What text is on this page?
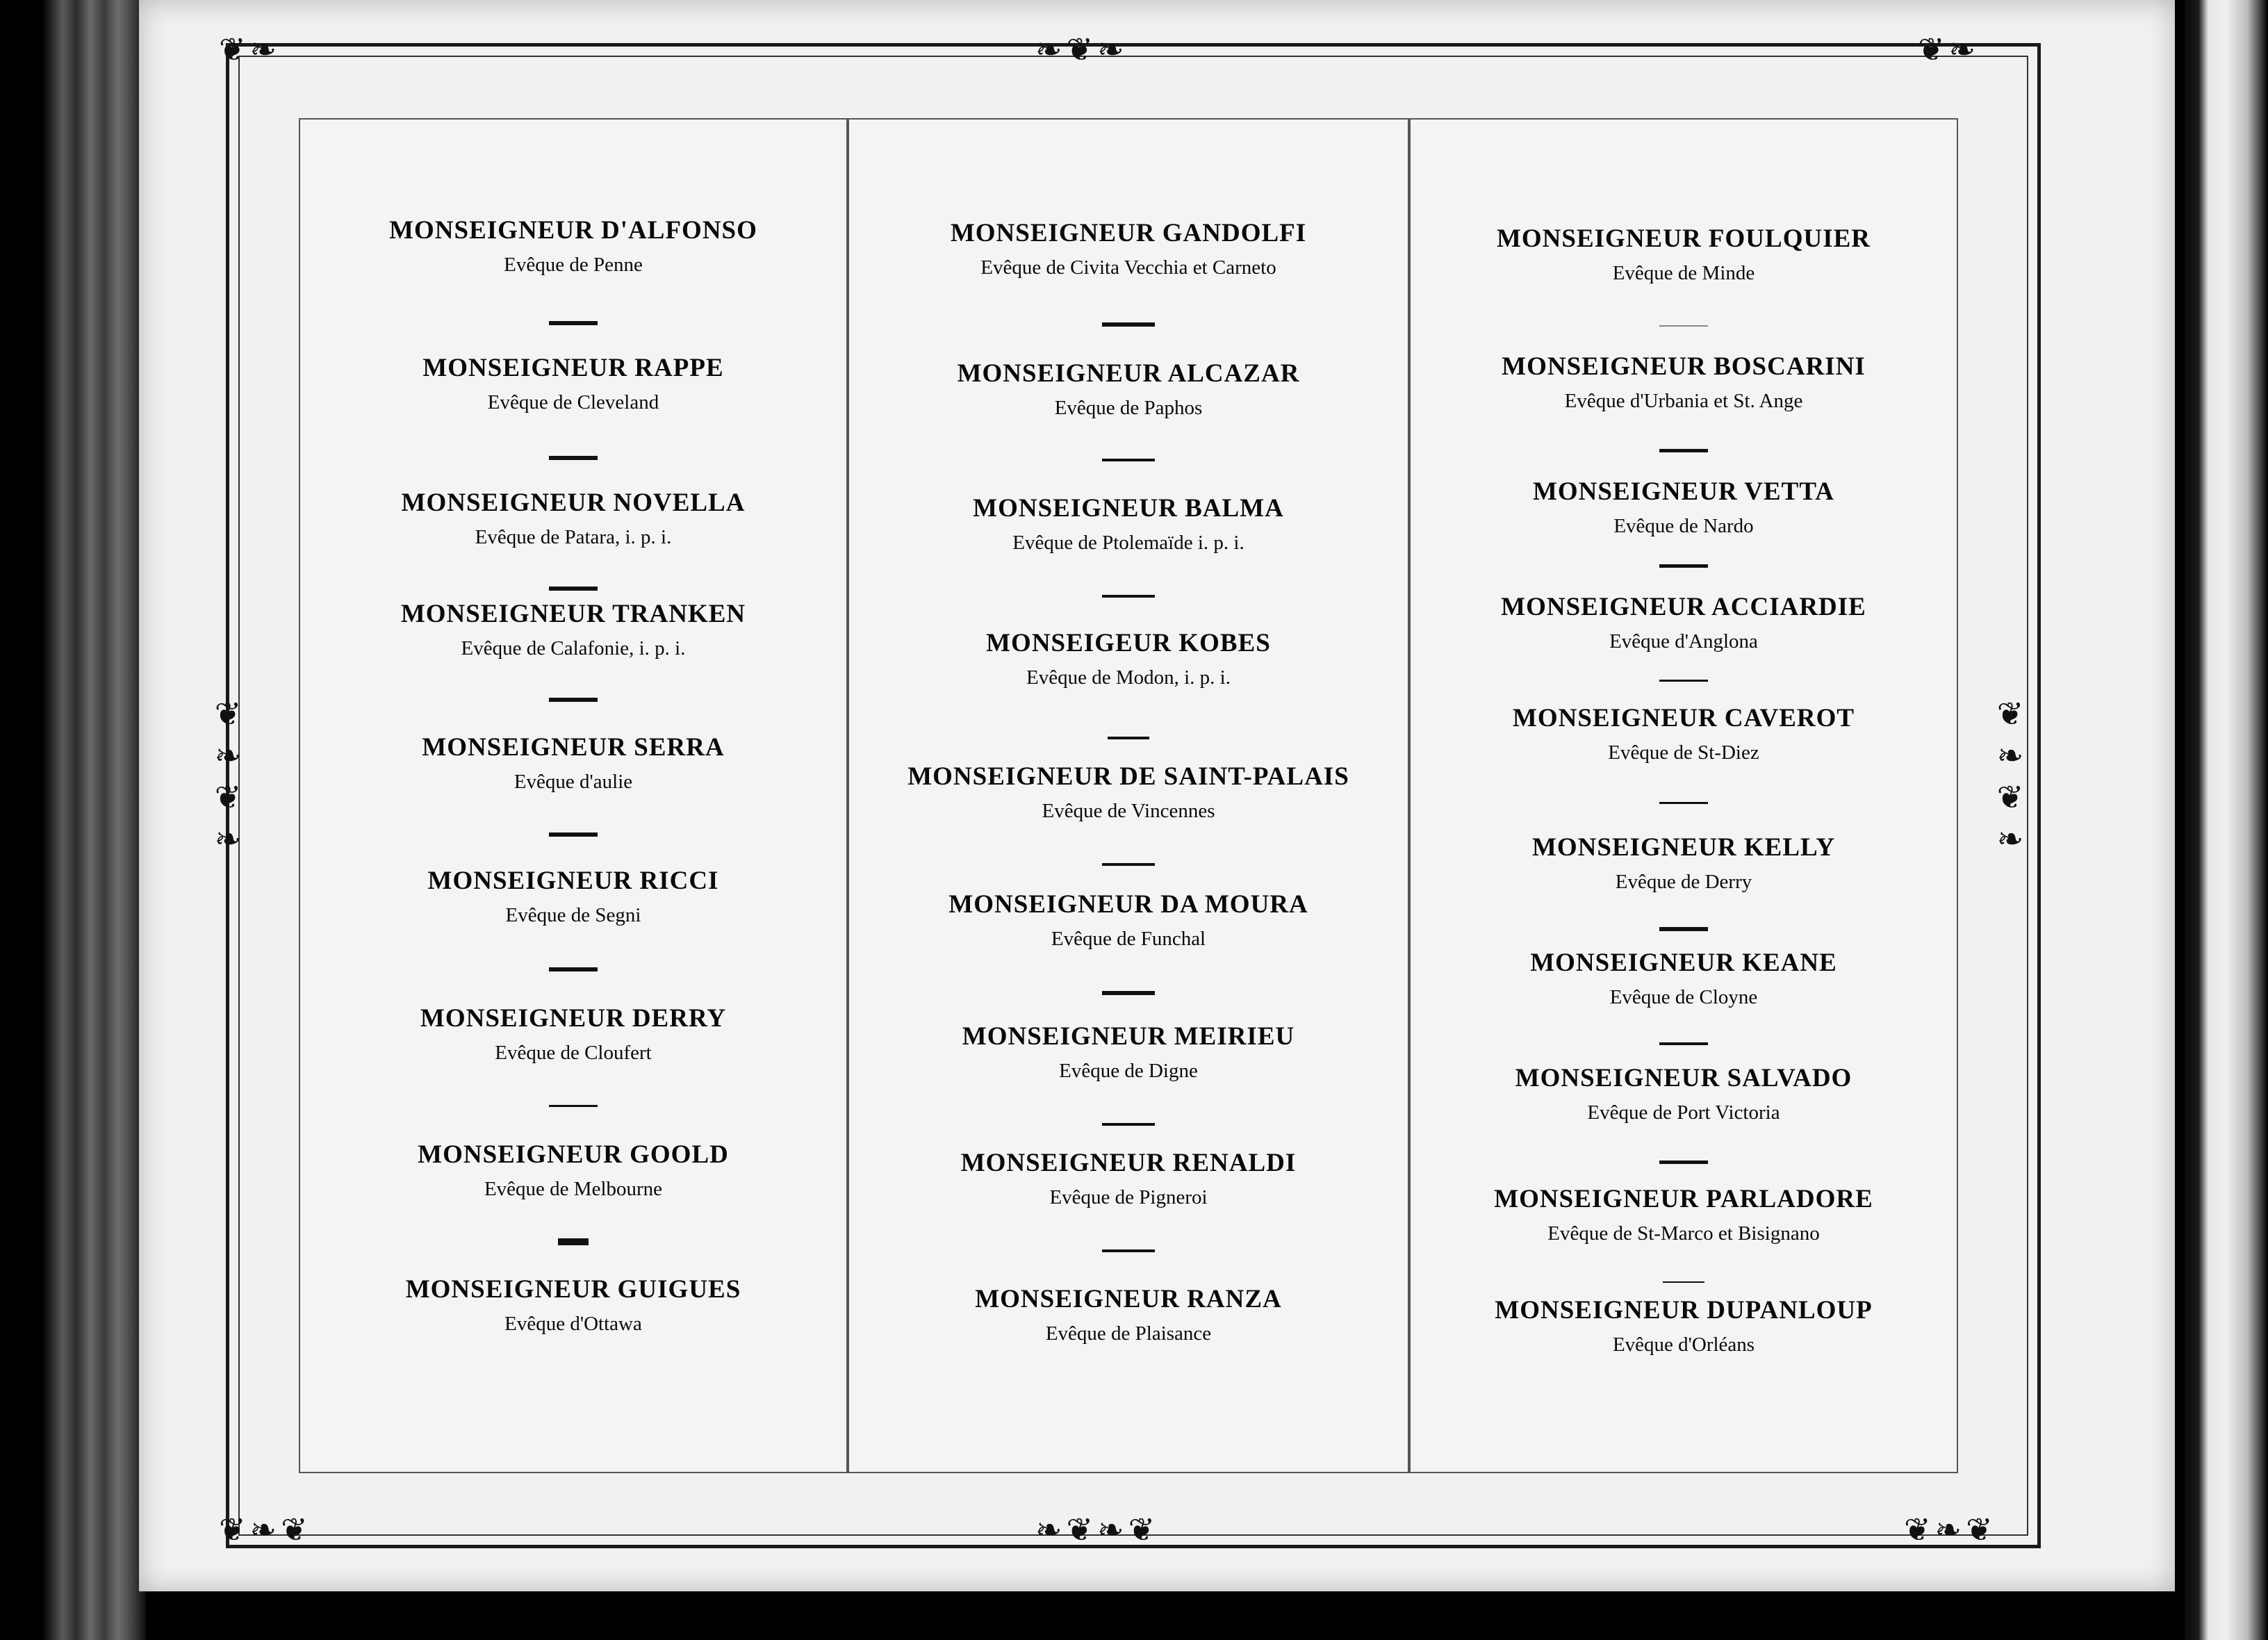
❦❧	❧❦❧	❦❧
❦❧❦	❧❦❧❦	❦❧❦
❦❧❦❧	❦❧❦❧
MONSEIGNEUR D'ALFONSO
Evêque de Penne
MONSEIGNEUR RAPPE
Evêque de Cleveland
MONSEIGNEUR NOVELLA
Evêque de Patara, i. p. i.
MONSEIGNEUR TRANKEN
Evêque de Calafonie, i. p. i.
MONSEIGNEUR SERRA
Evêque d'aulie
MONSEIGNEUR RICCI
Evêque de Segni
MONSEIGNEUR DERRY
Evêque de Cloufert
MONSEIGNEUR GOOLD
Evêque de Melbourne
MONSEIGNEUR GUIGUES
Evêque d'Ottawa
MONSEIGNEUR GANDOLFI
Evêque de Civita Vecchia et Carneto
MONSEIGNEUR ALCAZAR
Evêque de Paphos
MONSEIGNEUR BALMA
Evêque de Ptolemaïde i. p. i.
MONSEIGEUR KOBES
Evêque de Modon, i. p. i.
MONSEIGNEUR DE SAINT-PALAIS
Evêque de Vincennes
MONSEIGNEUR DA MOURA
Evêque de Funchal
MONSEIGNEUR MEIRIEU
Evêque de Digne
MONSEIGNEUR RENALDI
Evêque de Pigneroi
MONSEIGNEUR RANZA
Evêque de Plaisance
MONSEIGNEUR FOULQUIER
Evêque de Minde
MONSEIGNEUR BOSCARINI
Evêque d'Urbania et St. Ange
MONSEIGNEUR VETTA
Evêque de Nardo
MONSEIGNEUR ACCIARDIE
Evêque d'Anglona
MONSEIGNEUR CAVEROT
Evêque de St-Diez
MONSEIGNEUR KELLY
Evêque de Derry
MONSEIGNEUR KEANE
Evêque de Cloyne
MONSEIGNEUR SALVADO
Evêque de Port Victoria
MONSEIGNEUR PARLADORE
Evêque de St-Marco et Bisignano
MONSEIGNEUR DUPANLOUP
Evêque d'Orléans
